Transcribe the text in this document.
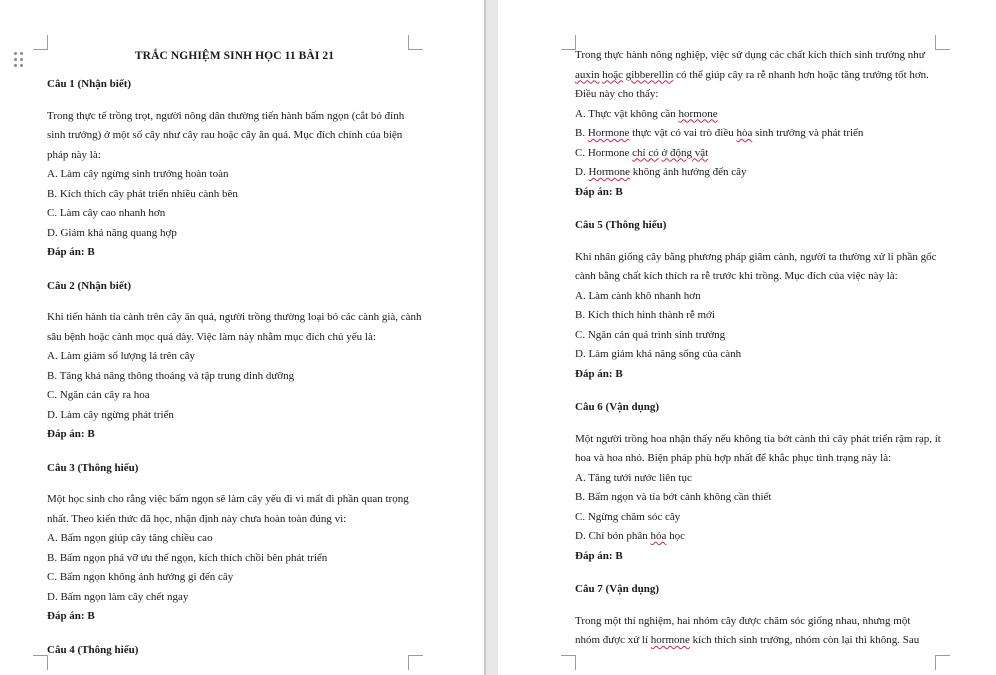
TRẮC NGHIỆM SINH HỌC 11 BÀI 21

Câu 1 (Nhận biết)

Trong thực tế trồng trọt, người nông dân thường tiến hành bấm ngọn (cắt bỏ đỉnh sinh trưởng) ở một số cây như cây rau hoặc cây ăn quả. Mục đích chính của biện pháp này là:

A. Làm cây ngừng sinh trưởng hoàn toàn

B. Kích thích cây phát triển nhiều cành bên

C. Làm cây cao nhanh hơn

D. Giảm khả năng quang hợp

Đáp án: B

Câu 2 (Nhận biết)

Khi tiến hành tỉa cành trên cây ăn quả, người trồng thường loại bỏ các cành già, cành sâu bệnh hoặc cành mọc quá dày. Việc làm này nhằm mục đích chủ yếu là:

A. Làm giảm số lượng lá trên cây

B. Tăng khả năng thông thoáng và tập trung dinh dưỡng

C. Ngăn cản cây ra hoa

D. Làm cây ngừng phát triển

Đáp án: B

Câu 3 (Thông hiểu)

Một học sinh cho rằng việc bấm ngọn sẽ làm cây yếu đi vì mất đi phần quan trọng nhất. Theo kiến thức đã học, nhận định này chưa hoàn toàn đúng vì:

A. Bấm ngọn giúp cây tăng chiều cao

B. Bấm ngọn phá vỡ ưu thế ngọn, kích thích chồi bên phát triển

C. Bấm ngọn không ảnh hưởng gì đến cây

D. Bấm ngọn làm cây chết ngay

Đáp án: B

Câu 4 (Thông hiểu)

Trong thực hành nông nghiệp, việc sử dụng các chất kích thích sinh trưởng như

auxin hoặc gibberellin có thể giúp cây ra rễ nhanh hơn hoặc tăng trưởng tốt hơn.

Điều này cho thấy:

A. Thực vật không cần hormone

B. Hormone thực vật có vai trò điều hòa sinh trưởng và phát triển

C. Hormone chỉ có ở động vật

D. Hormone không ảnh hưởng đến cây

Đáp án: B

Câu 5 (Thông hiểu)

Khi nhân giống cây bằng phương pháp giâm cành, người ta thường xử lí phần gốc cành bằng chất kích thích ra rễ trước khi trồng. Mục đích của việc này là:

A. Làm cành khô nhanh hơn

B. Kích thích hình thành rễ mới

C. Ngăn cản quá trình sinh trưởng

D. Làm giảm khả năng sống của cành

Đáp án: B

Câu 6 (Vận dụng)

Một người trồng hoa nhận thấy nếu không tỉa bớt cành thì cây phát triển rậm rạp, ít hoa và hoa nhỏ. Biện pháp phù hợp nhất để khắc phục tình trạng này là:

A. Tăng tưới nước liên tục

B. Bấm ngọn và tỉa bớt cành không cần thiết

C. Ngừng chăm sóc cây

D. Chỉ bón phân hóa học

Đáp án: B

Câu 7 (Vận dụng)

Trong một thí nghiệm, hai nhóm cây được chăm sóc giống nhau, nhưng một

nhóm được xử lí hormone kích thích sinh trưởng, nhóm còn lại thì không. Sau
